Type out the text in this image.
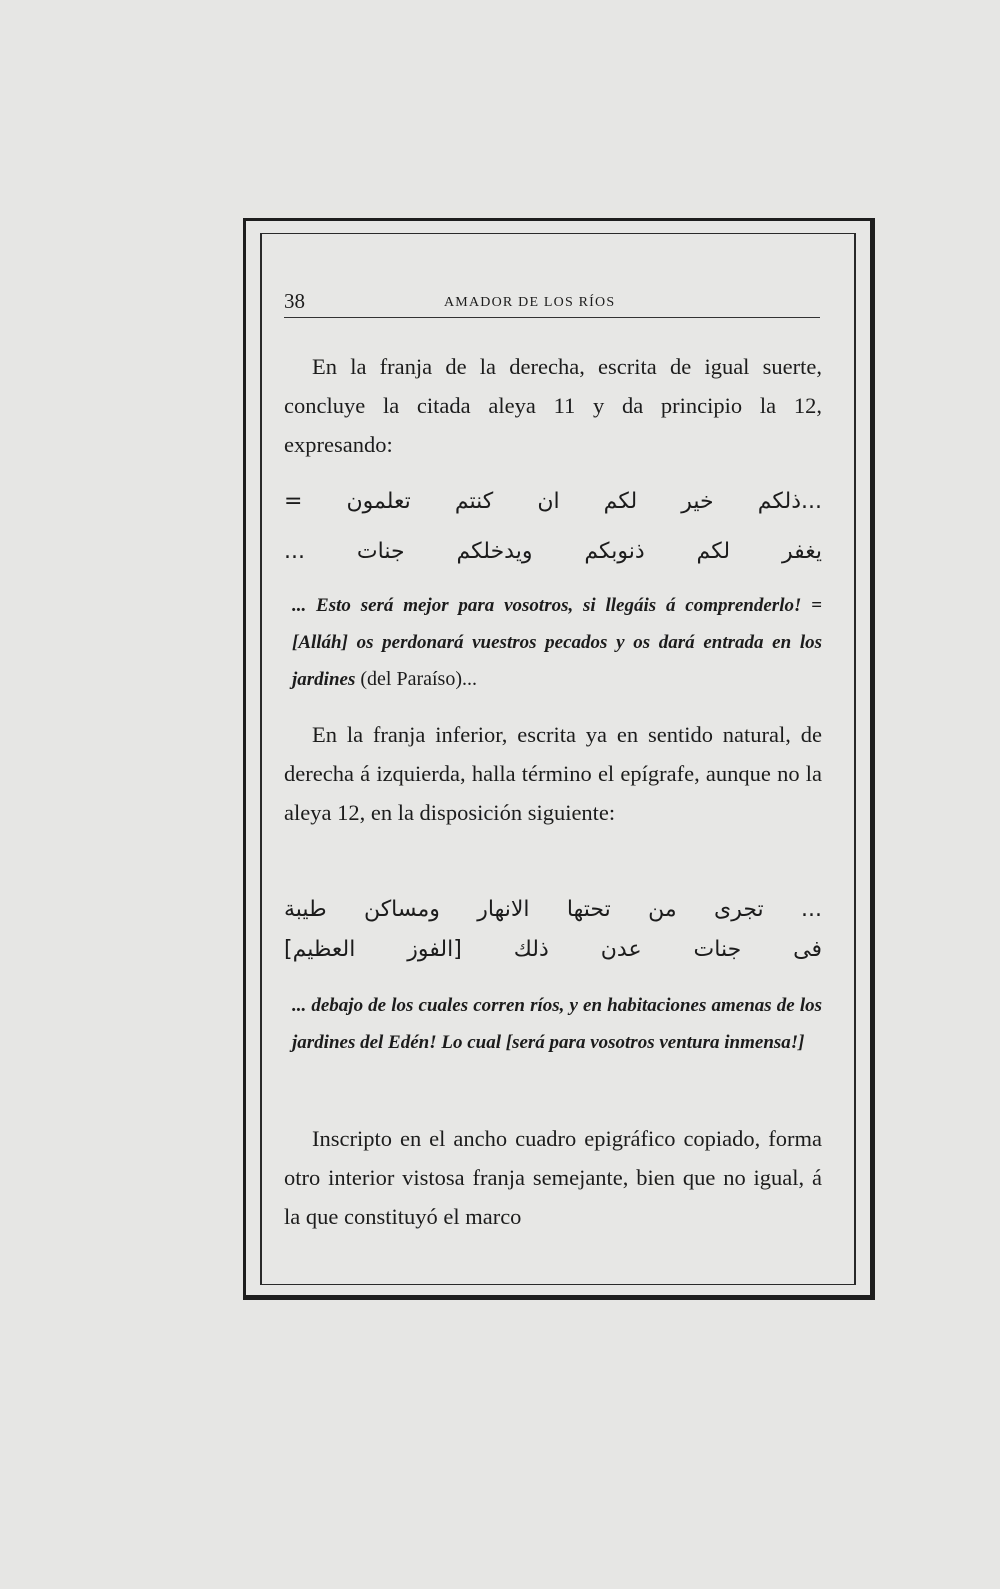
38	AMADOR DE LOS RÍOS
En la franja de la derecha, escrita de igual suerte, concluye la citada aleya 11 y da principio la 12, expresando:
...ذلكم خير لكم ان كنتم تعلمون =
يغفر لكم ذنوبكم ويدخلكم جنات ...
... Esto será mejor para vosotros, si llegáis á comprenderlo! = [Alláh] os perdonará vuestros pecados y os dará entrada en los jardines (del Paraíso)...
En la franja inferior, escrita ya en sentido natural, de derecha á izquierda, halla término el epígrafe, aunque no la aleya 12, en la disposición siguiente:
... تجرى من تحتها الانهار ومساكن طيبة
فى جنات عدن ذلك [الفوز العظيم]
... debajo de los cuales corren ríos, y en habitaciones amenas de los jardines del Edén! Lo cual [será para vosotros ventura inmensa!]
Inscripto en el ancho cuadro epigráfico copiado, forma otro interior vistosa franja semejante, bien que no igual, á la que constituyó el marco
